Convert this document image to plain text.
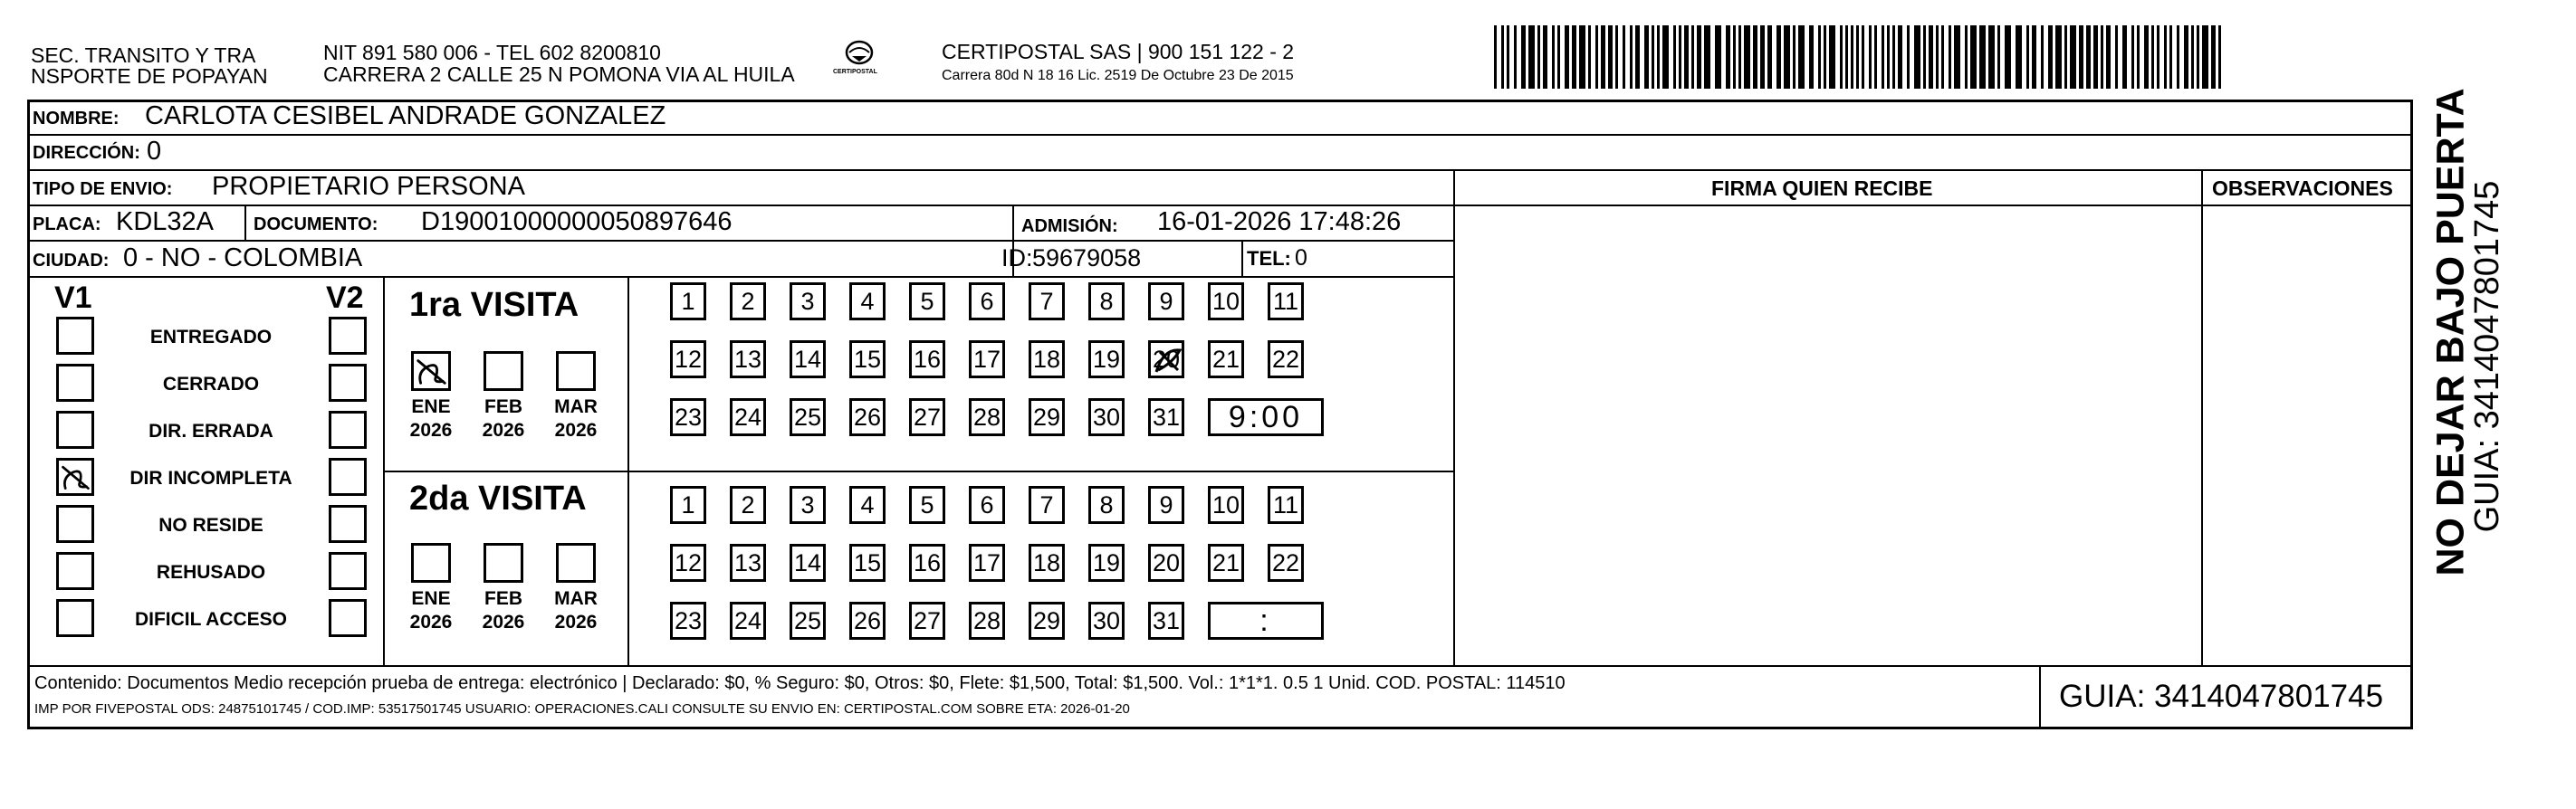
SEC. TRANSITO Y TRA
NSPORTE DE POPAYAN
NIT 891 580 006 - TEL 602 8200810
CARRERA 2 CALLE 25 N POMONA VIA AL HUILA	CERTIPOSTAL
CERTIPOSTAL SAS | 900 151 122 - 2
Carrera 80d N 18 16 Lic. 2519 De Octubre 23 De 2015
NOMBRE: CARLOTA CESIBEL ANDRADE GONZALEZ
DIRECCIÓN: 0
TIPO DE ENVIO: PROPIETARIO PERSONA	FIRMA QUIEN RECIBE	OBSERVACIONES
PLACA: KDL32A DOCUMENTO: D19001000000050897646	ADMISIÓN: 16-01-2026 17:48:26
CIUDAD: 0 - NO - COLOMBIA	ID: 59679058	TEL: 0
V1	V2
ENTREGADO
CERRADO
DIR. ERRADA
DIR INCOMPLETA
NO RESIDE
REHUSADO
DIFICIL ACCESO
1ra VISITA
ENE
2026
FEB
2026
MAR
2026
1	2	3	4	5	6	7	8	9	10 11
12 13 14 15 16 17 18 19 20 21 22
23 24 25 26 27 28 29 30 31	9:00
2da VISITA
ENE
2026
FEB
2026
MAR
2026
1	2	3	4	5	6	7	8	9	10 11
12 13 14 15 16 17 18 19 20 21 22
23 24 25 26 27 28 29 30 31	:
Contenido: Documentos Medio recepción prueba de entrega: electrónico | Declarado: $0, % Seguro: $0, Otros: $0, Flete: $1,500, Total: $1,500. Vol.: 1*1*1. 0.5 1 Unid. COD. POSTAL: 114510
IMP POR FIVEPOSTAL ODS: 24875101745 / COD.IMP: 53517501745 USUARIO: OPERACIONES.CALI CONSULTE SU ENVIO EN: CERTIPOSTAL.COM SOBRE ETA: 2026-01-20	GUIA: 3414047801745
NO DEJAR BAJO PUERTA
GUIA: 3414047801745
